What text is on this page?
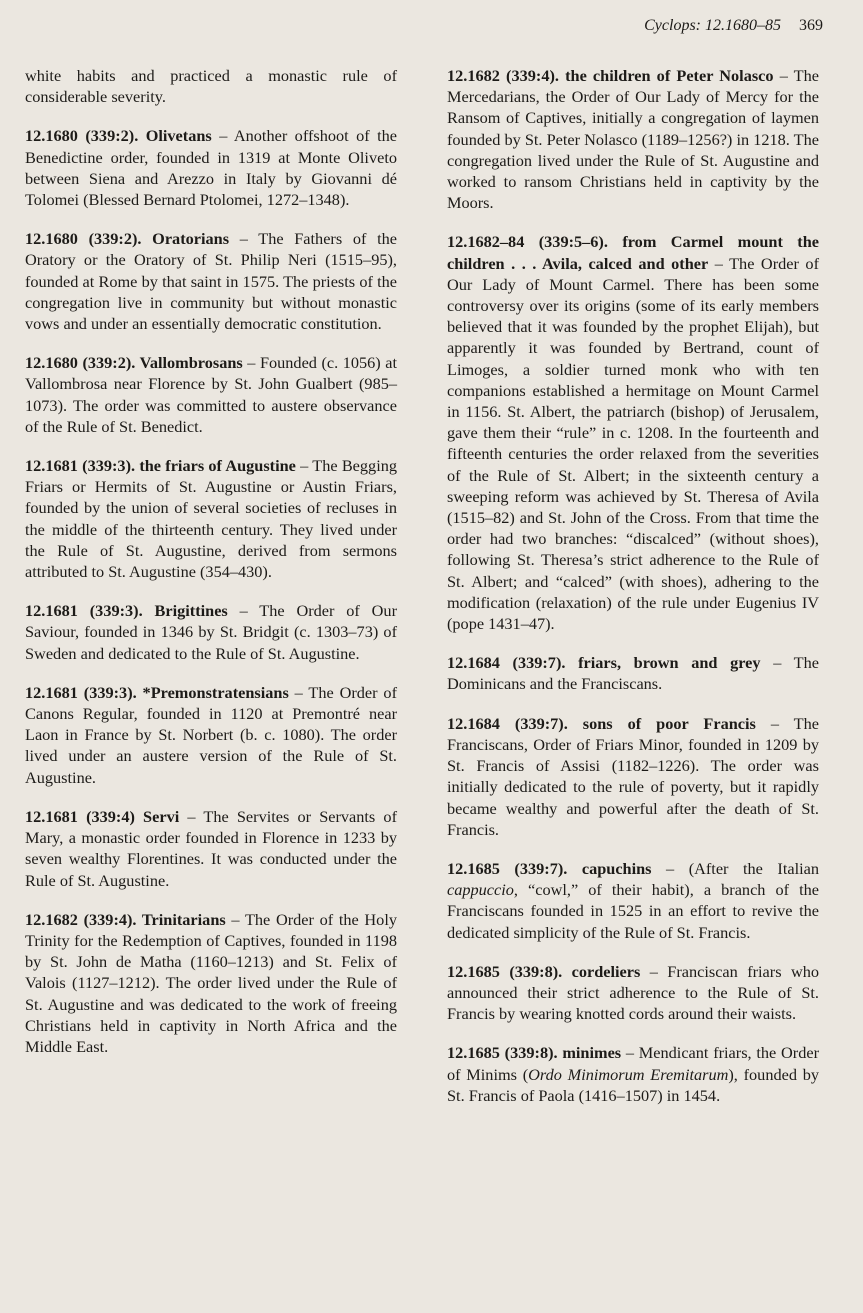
Cyclops: 12.1680–85 369

white habits and practiced a monastic rule of considerable severity.

12.1680 (339:2). Olivetans – Another offshoot of the Benedictine order, founded in 1319 at Monte Oliveto between Siena and Arezzo in Italy by Giovanni dé Tolomei (Blessed Bernard Ptolomei, 1272–1348).

12.1680 (339:2). Oratorians – The Fathers of the Oratory or the Oratory of St. Philip Neri (1515–95), founded at Rome by that saint in 1575. The priests of the congregation live in community but without monastic vows and under an essentially democratic constitution.

12.1680 (339:2). Vallombrosans – Founded (c. 1056) at Vallombrosa near Florence by St. John Gualbert (985–1073). The order was committed to austere observance of the Rule of St. Benedict.

12.1681 (339:3). the friars of Augustine – The Begging Friars or Hermits of St. Augustine or Austin Friars, founded by the union of several societies of recluses in the middle of the thirteenth century. They lived under the Rule of St. Augustine, derived from sermons attributed to St. Augustine (354–430).

12.1681 (339:3). Brigittines – The Order of Our Saviour, founded in 1346 by St. Bridgit (c. 1303–73) of Sweden and dedicated to the Rule of St. Augustine.

12.1681 (339:3). *Premonstratensians – The Order of Canons Regular, founded in 1120 at Premontré near Laon in France by St. Norbert (b. c. 1080). The order lived under an austere version of the Rule of St. Augustine.

12.1681 (339:4) Servi – The Servites or Servants of Mary, a monastic order founded in Florence in 1233 by seven wealthy Florentines. It was conducted under the Rule of St. Augustine.

12.1682 (339:4). Trinitarians – The Order of the Holy Trinity for the Redemption of Captives, founded in 1198 by St. John de Matha (1160–1213) and St. Felix of Valois (1127–1212). The order lived under the Rule of St. Augustine and was dedicated to the work of freeing Christians held in captivity in North Africa and the Middle East.

12.1682 (339:4). the children of Peter Nolasco – The Mercedarians, the Order of Our Lady of Mercy for the Ransom of Captives, initially a congregation of laymen founded by St. Peter Nolasco (1189–1256?) in 1218. The congregation lived under the Rule of St. Augustine and worked to ransom Christians held in captivity by the Moors.

12.1682–84 (339:5–6). from Carmel mount the children . . . Avila, calced and other – The Order of Our Lady of Mount Carmel. There has been some controversy over its origins (some of its early members believed that it was founded by the prophet Elijah), but apparently it was founded by Bertrand, count of Limoges, a soldier turned monk who with ten companions established a hermitage on Mount Carmel in 1156. St. Albert, the patriarch (bishop) of Jerusalem, gave them their “rule” in c. 1208. In the fourteenth and fifteenth centuries the order relaxed from the severities of the Rule of St. Albert; in the sixteenth century a sweeping reform was achieved by St. Theresa of Avila (1515–82) and St. John of the Cross. From that time the order had two branches: “discalced” (without shoes), following St. Theresa’s strict adherence to the Rule of St. Albert; and “calced” (with shoes), adhering to the modification (relaxation) of the rule under Eugenius IV (pope 1431–47).

12.1684 (339:7). friars, brown and grey – The Dominicans and the Franciscans.

12.1684 (339:7). sons of poor Francis – The Franciscans, Order of Friars Minor, founded in 1209 by St. Francis of Assisi (1182–1226). The order was initially dedicated to the rule of poverty, but it rapidly became wealthy and powerful after the death of St. Francis.

12.1685 (339:7). capuchins – (After the Italian cappuccio, “cowl,” of their habit), a branch of the Franciscans founded in 1525 in an effort to revive the dedicated simplicity of the Rule of St. Francis.

12.1685 (339:8). cordeliers – Franciscan friars who announced their strict adherence to the Rule of St. Francis by wearing knotted cords around their waists.

12.1685 (339:8). minimes – Mendicant friars, the Order of Minims (Ordo Minimorum Eremitarum), founded by St. Francis of Paola (1416–1507) in 1454.
